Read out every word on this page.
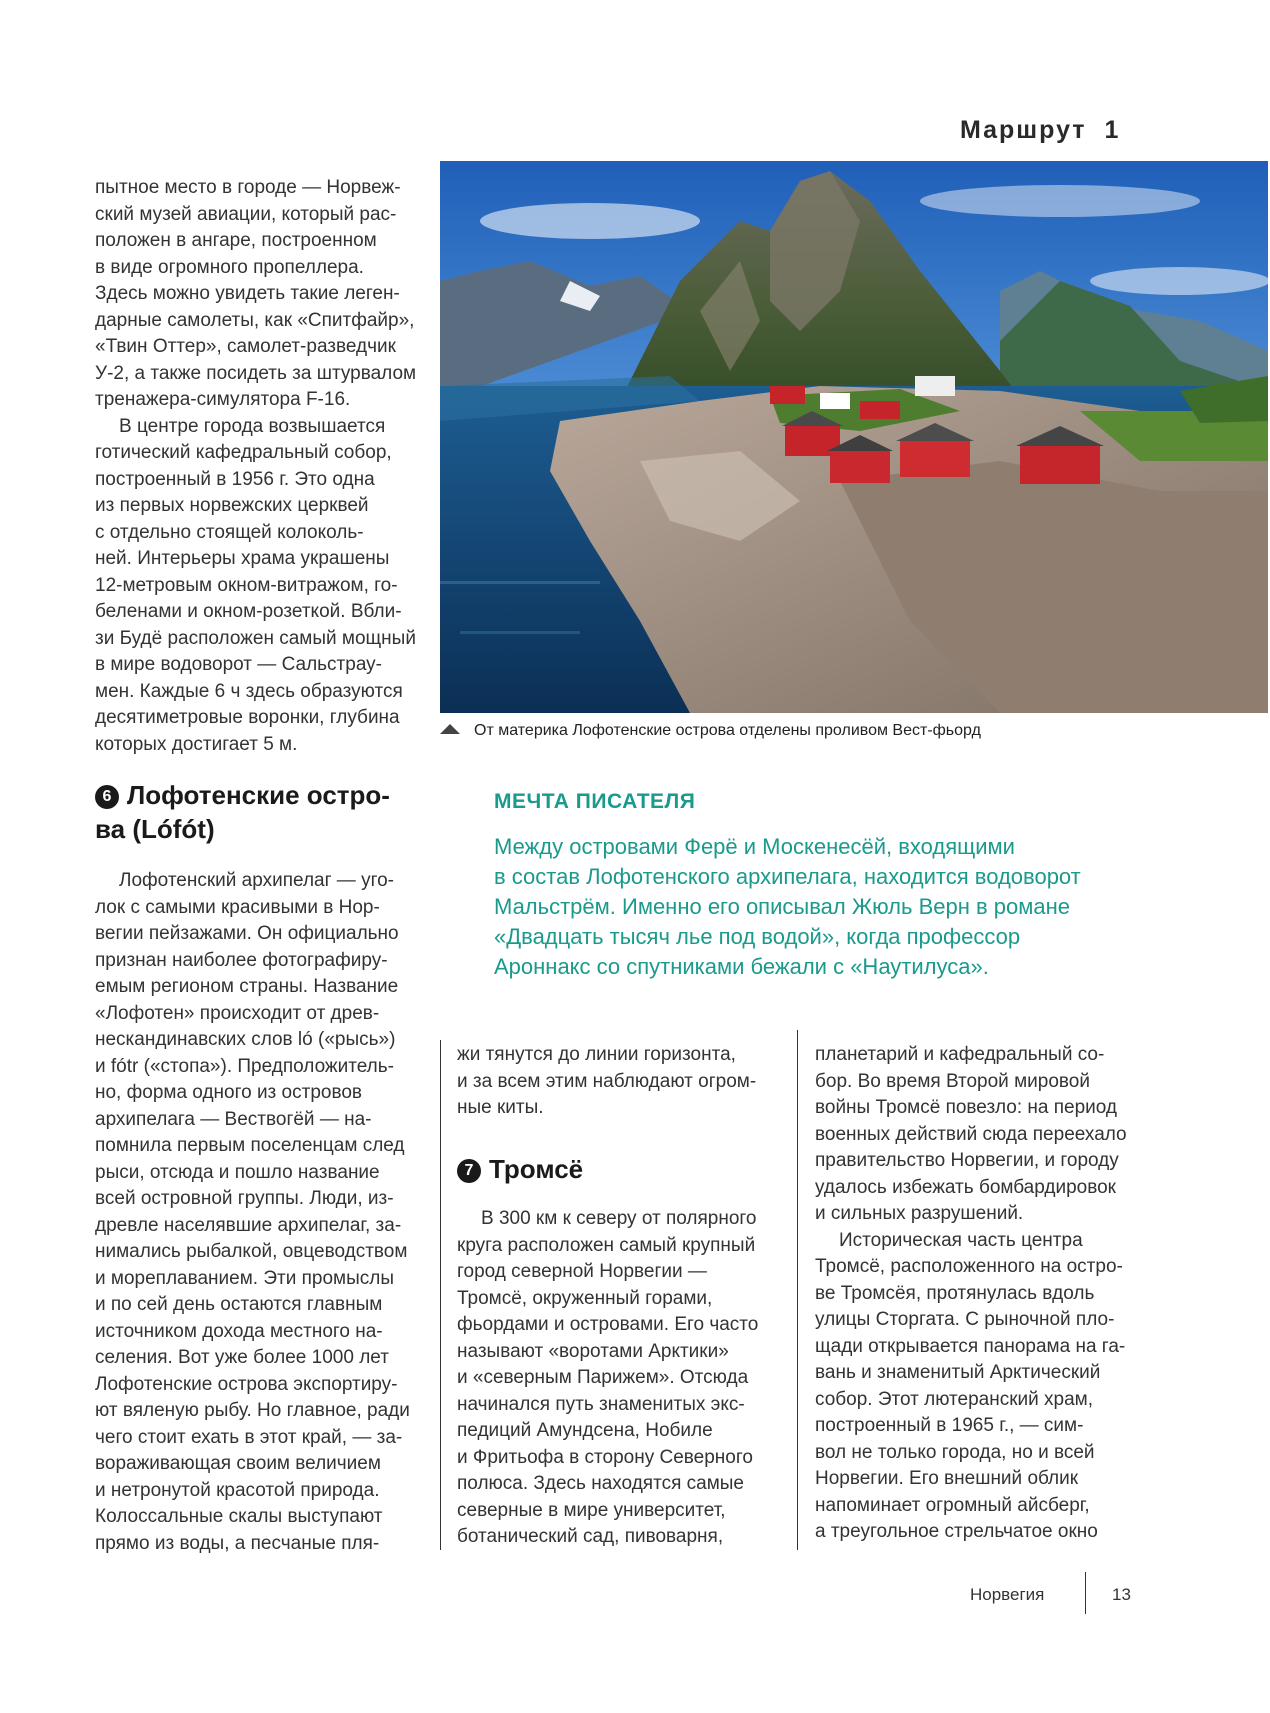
Маршрут 1

пытное место в городе — Норвеж-
ский музей авиации, который рас-
положен в ангаре, построенном
в виде огромного пропеллера.
Здесь можно увидеть такие леген-
дарные самолеты, как «Спитфайр»,
«Твин Оттер», самолет-разведчик
У-2, а также посидеть за штурвалом
тренажера-симулятора F-16.
В центре города возвышается
готический кафедральный собор,
построенный в 1956 г. Это одна
из первых норвежских церквей
с отдельно стоящей колоколь-
ней. Интерьеры храма украшены
12-метровым окном-витражом, го-
беленами и окном-розеткой. Вбли-
зи Будё расположен самый мощный
в мире водоворот — Сальстрау-
мен. Каждые 6 ч здесь образуются
десятиметровые воронки, глубина
которых достигает 5 м.

От материка Лофотенские острова отделены проливом Вест-фьорд
6 Лофотенские остро-
ва (Lófót)

Лофотенский архипелаг — уго-
лок с самыми красивыми в Нор-
вегии пейзажами. Он официально
признан наиболее фотографиру-
емым регионом страны. Название
«Лофотен» происходит от древ-
нескандинавских слов ló («рысь»)
и fótr («стопа»). Предположитель-
но, форма одного из островов
архипелага — Вествогёй — на-
помнила первым поселенцам след
рыси, отсюда и пошло название
всей островной группы. Люди, из-
древле населявшие архипелаг, за-
нимались рыбалкой, овцеводством
и мореплаванием. Эти промыслы
и по сей день остаются главным
источником дохода местного на-
селения. Вот уже более 1000 лет
Лофотенские острова экспортиру-
ют вяленую рыбу. Но главное, ради
чего стоит ехать в этот край, — за-
вораживающая своим величием
и нетронутой красотой природа.
Колоссальные скалы выступают
прямо из воды, а песчаные пля-

МЕЧТА ПИСАТЕЛЯ
Между островами Ферё и Москенесёй, входящими
в состав Лофотенского архипелага, находится водоворот
Мальстрём. Именно его описывал Жюль Верн в романе
«Двадцать тысяч лье под водой», когда профессор
Ароннакс со спутниками бежали с «Наутилуса».
жи тянутся до линии горизонта,
и за всем этим наблюдают огром-
ные киты.
7 Тромсё
В 300 км к северу от полярного
круга расположен самый крупный
город северной Норвегии —
Тромсё, окруженный горами,
фьордами и островами. Его часто
называют «воротами Арктики»
и «северным Парижем». Отсюда
начинался путь знаменитых экс-
педиций Амундсена, Нобиле
и Фритьофа в сторону Северного
полюса. Здесь находятся самые
северные в мире университет,
ботанический сад, пивоварня,
планетарий и кафедральный со-
бор. Во время Второй мировой
войны Тромсё повезло: на период
военных действий сюда переехало
правительство Норвегии, и городу
удалось избежать бомбардировок
и сильных разрушений.
Историческая часть центра
Тромсё, расположенного на остро-
ве Тромсёя, протянулась вдоль
улицы Сторгата. С рыночной пло-
щади открывается панорама на га-
вань и знаменитый Арктический
собор. Этот лютеранский храм,
построенный в 1965 г., — сим-
вол не только города, но и всей
Норвегии. Его внешний облик
напоминает огромный айсберг,
а треугольное стрельчатое окно
Норвегия	13
